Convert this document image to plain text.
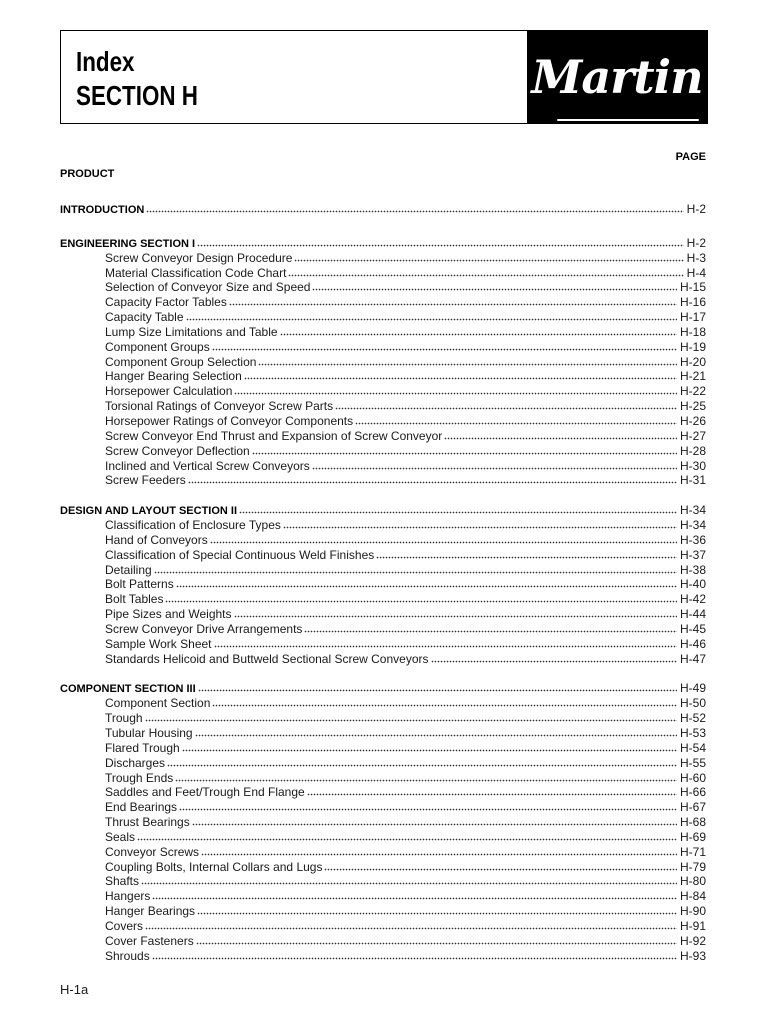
Index
SECTION H	Martin
PAGE
PRODUCT
INTRODUCTION	H-2
ENGINEERING SECTION I	H-2
Screw Conveyor Design Procedure	H-3
Material Classification Code Chart	H-4
Selection of Conveyor Size and Speed	H-15
Capacity Factor Tables	H-16
Capacity Table	H-17
Lump Size Limitations and Table	H-18
Component Groups	H-19
Component Group Selection	H-20
Hanger Bearing Selection	H-21
Horsepower Calculation	H-22
Torsional Ratings of Conveyor Screw Parts	H-25
Horsepower Ratings of Conveyor Components	H-26
Screw Conveyor End Thrust and Expansion of Screw Conveyor	H-27
Screw Conveyor Deflection	H-28
Inclined and Vertical Screw Conveyors	H-30
Screw Feeders	H-31
DESIGN AND LAYOUT SECTION II	H-34
Classification of Enclosure Types	H-34
Hand of Conveyors	H-36
Classification of Special Continuous Weld Finishes	H-37
Detailing	H-38
Bolt Patterns	H-40
Bolt Tables	H-42
Pipe Sizes and Weights	H-44
Screw Conveyor Drive Arrangements	H-45
Sample Work Sheet	H-46
Standards Helicoid and Buttweld Sectional Screw Conveyors	H-47
COMPONENT SECTION III	H-49
Component Section	H-50
Trough	H-52
Tubular Housing	H-53
Flared Trough	H-54
Discharges	H-55
Trough Ends	H-60
Saddles and Feet/Trough End Flange	H-66
End Bearings	H-67
Thrust Bearings	H-68
Seals	H-69
Conveyor Screws	H-71
Coupling Bolts, Internal Collars and Lugs	H-79
Shafts	H-80
Hangers	H-84
Hanger Bearings	H-90
Covers	H-91
Cover Fasteners	H-92
Shrouds	H-93
H-1a
